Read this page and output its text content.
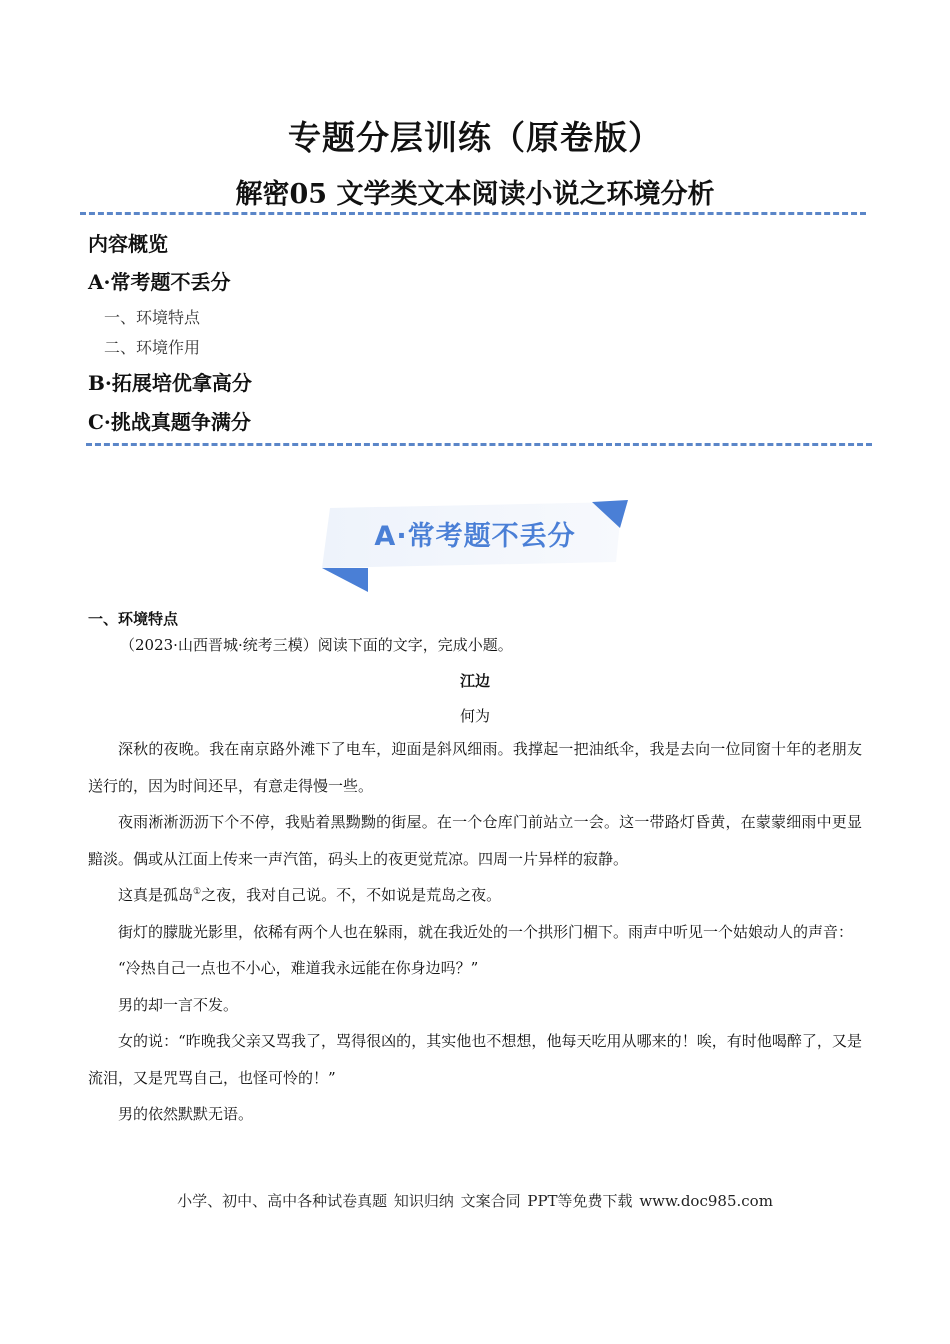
专题分层训练（原卷版）
解密05 文学类文本阅读小说之环境分析
内容概览
A·常考题不丢分
一、环境特点
二、环境作用
B·拓展培优拿高分
C·挑战真题争满分
A·常考题不丢分
一、环境特点
（2023·山西晋城·统考三模）阅读下面的文字，完成小题。
江边
何为

深秋的夜晚。我在南京路外滩下了电车，迎面是斜风细雨。我撑起一把油纸伞，我是去向一位同窗十年的老朋友送行的，因为时间还早，有意走得慢一些。

夜雨淅淅沥沥下个不停，我贴着黑黝黝的街屋。在一个仓库门前站立一会。这一带路灯昏黄，在蒙蒙细雨中更显黯淡。偶或从江面上传来一声汽笛，码头上的夜更觉荒凉。四周一片异样的寂静。

这真是孤岛①之夜，我对自己说。不，不如说是荒岛之夜。

街灯的朦胧光影里，依稀有两个人也在躲雨，就在我近处的一个拱形门楣下。雨声中听见一个姑娘动人的声音：

“冷热自己一点也不小心，难道我永远能在你身边吗？”

男的却一言不发。

女的说：“昨晚我父亲又骂我了，骂得很凶的，其实他也不想想，他每天吃用从哪来的！唉，有时他喝醉了，又是流泪，又是咒骂自己，也怪可怜的！”

男的依然默默无语。

小学、初中、高中各种试卷真题 知识归纳 文案合同 PPT等免费下载 www.doc985.com
